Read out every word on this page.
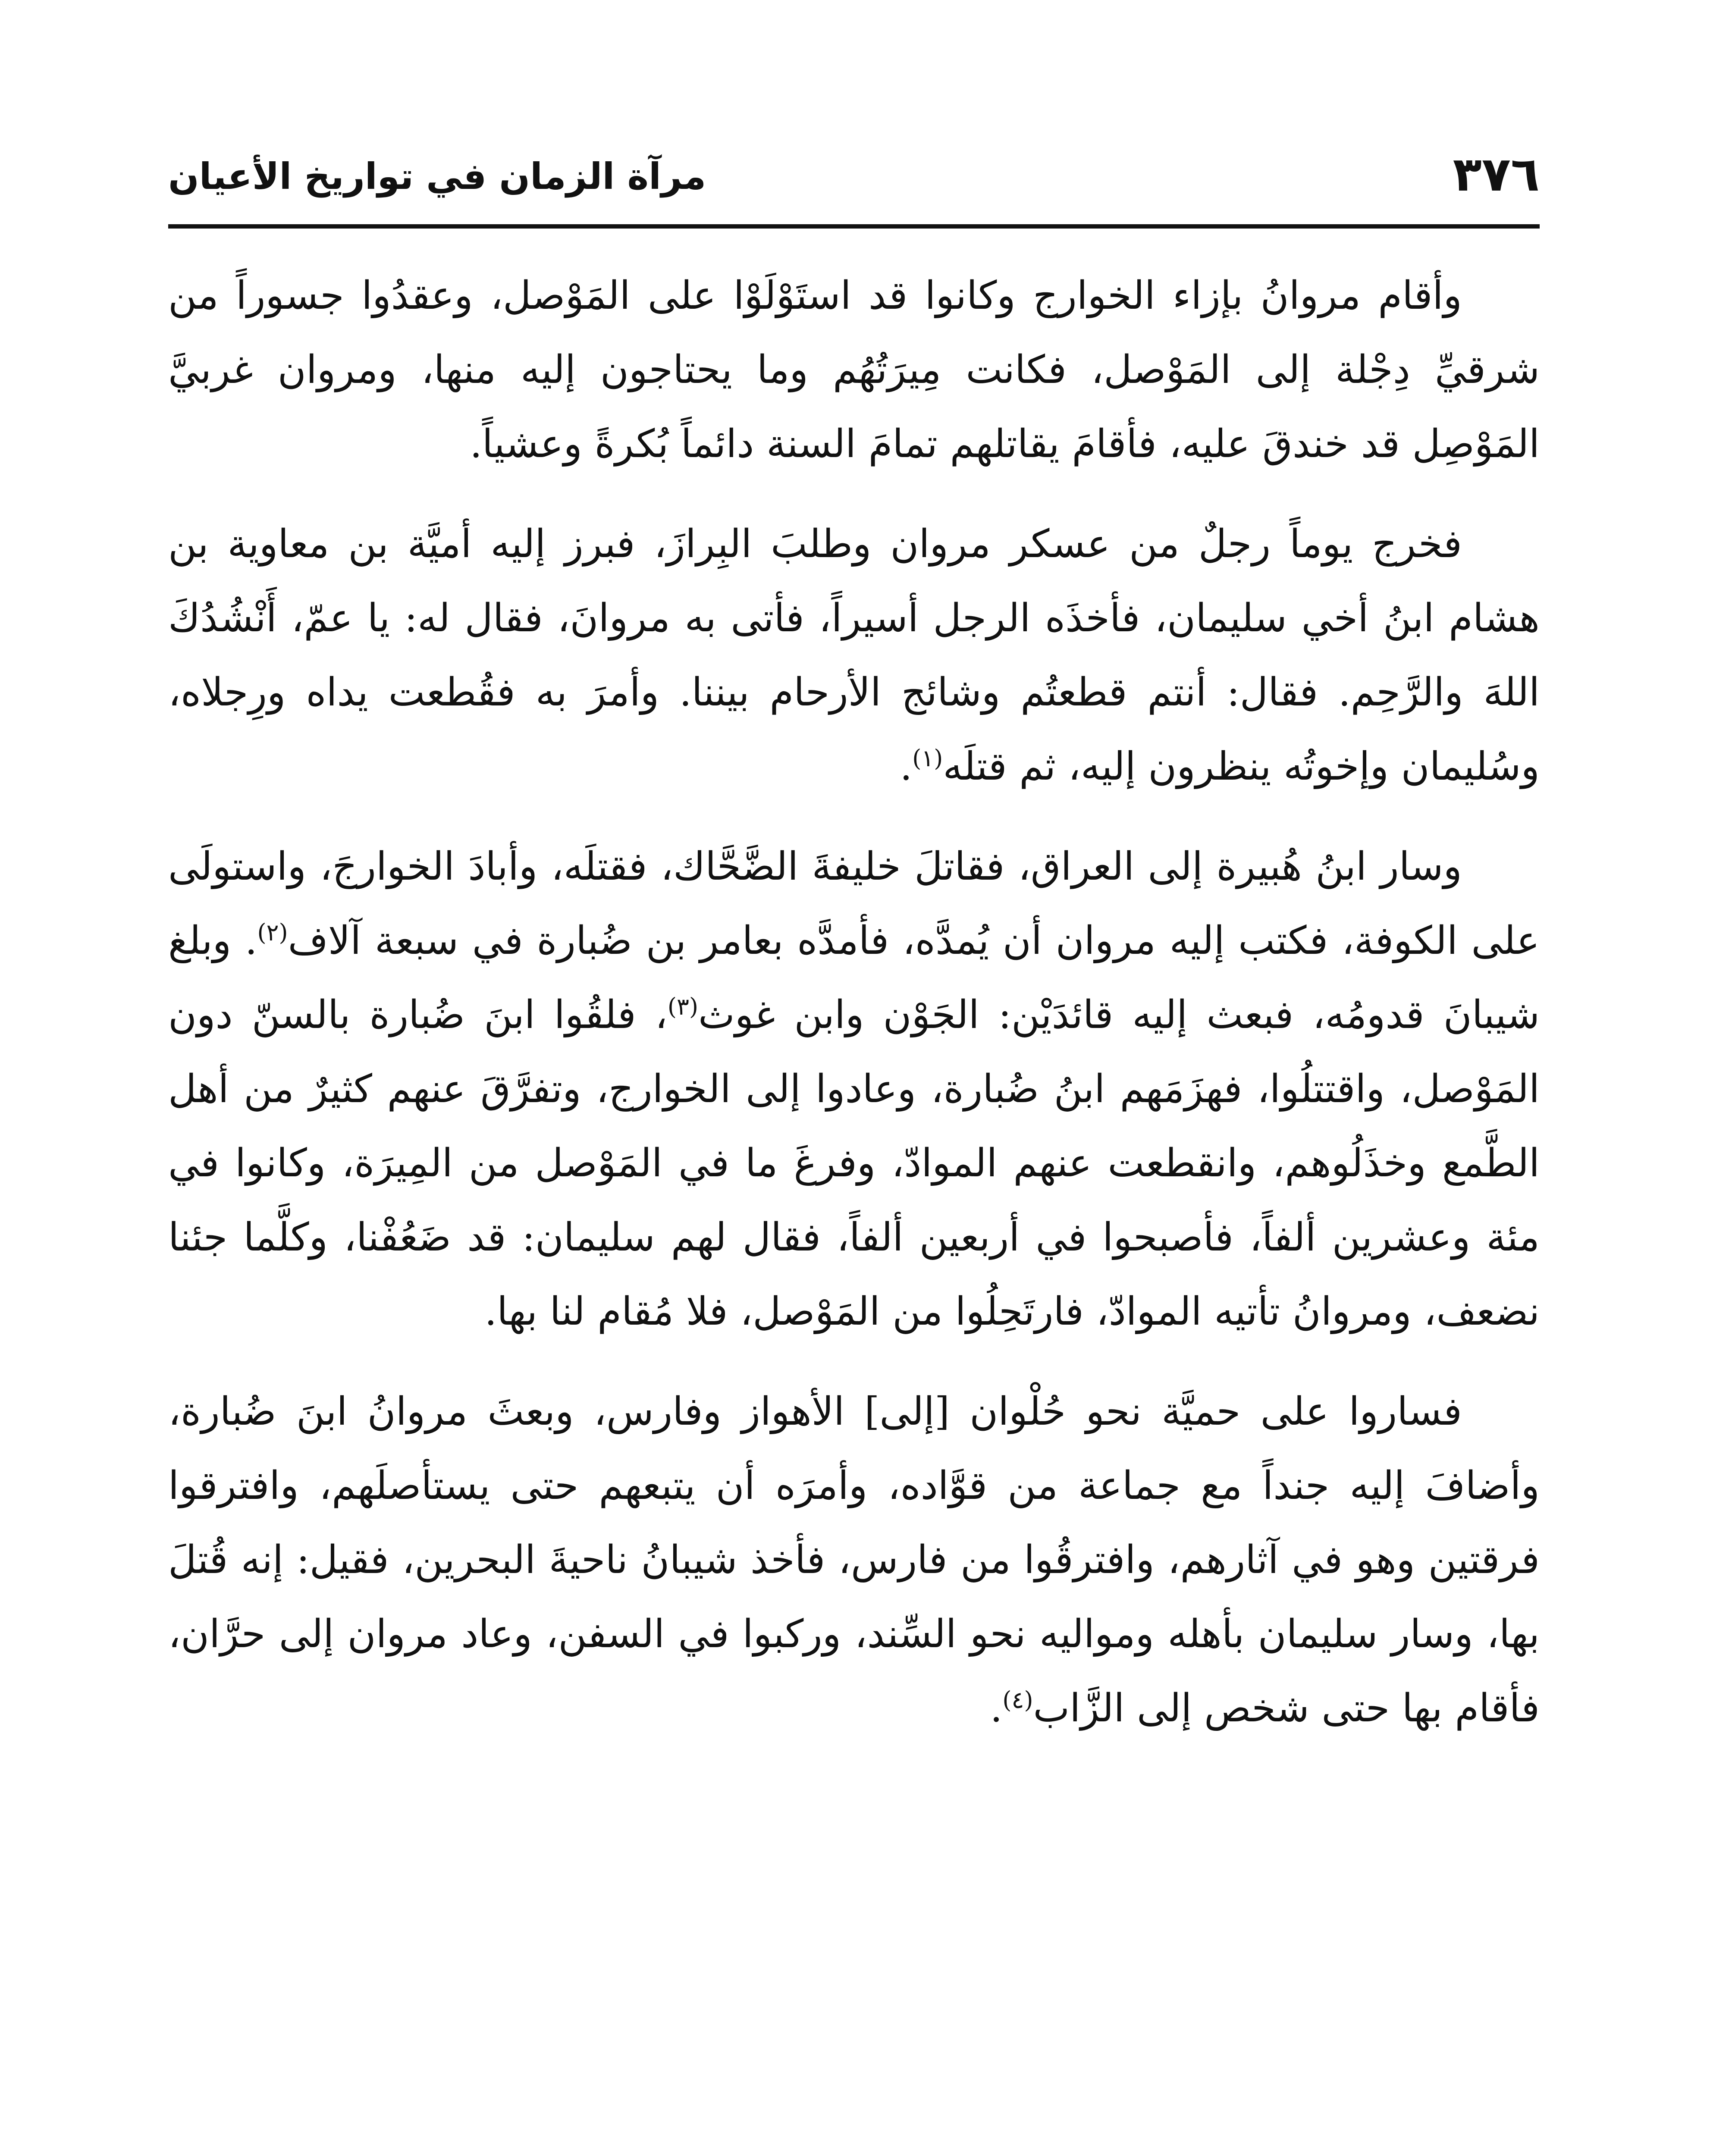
٣٧٦
مرآة الزمان في تواريخ الأعيان

وأقام مروانُ بإزاء الخوارج وكانوا قد استَوْلَوْا على المَوْصل، وعقدُوا جسوراً من شرقيِّ دِجْلة إلى المَوْصل، فكانت مِيرَتُهُم وما يحتاجون إليه منها، ومروان غربيَّ المَوْصِل قد خندقَ عليه، فأقامَ يقاتلهم تمامَ السنة دائماً بُكرةً وعشياً.

فخرج يوماً رجلٌ من عسكر مروان وطلبَ البِرازَ، فبرز إليه أميَّة بن معاوية بن هشام ابنُ أخي سليمان، فأخذَه الرجل أسيراً، فأتى به مروانَ، فقال له: يا عمّ، أَنْشُدُكَ اللهَ والرَّحِم. فقال: أنتم قطعتُم وشائج الأرحام بيننا. وأمرَ به فقُطعت يداه ورِجلاه، وسُليمان وإخوتُه ينظرون إليه، ثم قتلَه$^{(١)}$.

وسار ابنُ هُبيرة إلى العراق، فقاتلَ خليفةَ الضَّحَّاك، فقتلَه، وأبادَ الخوارجَ، واستولَى على الكوفة، فكتب إليه مروان أن يُمدَّه، فأمدَّه بعامر بن ضُبارة في سبعة آلاف$^{(٢)}$. وبلغ شيبانَ قدومُه، فبعث إليه قائدَيْن: الجَوْن وابن غوث$^{(٣)}$، فلقُوا ابنَ ضُبارة بالسنّ دون المَوْصل، واقتتلُوا، فهزَمَهم ابنُ ضُبارة، وعادوا إلى الخوارج، وتفرَّقَ عنهم كثيرٌ من أهل الطَّمع وخذَلُوهم، وانقطعت عنهم الموادّ، وفرغَ ما في المَوْصل من المِيرَة، وكانوا في مئة وعشرين ألفاً، فأصبحوا في أربعين ألفاً، فقال لهم سليمان: قد ضَعُفْنا، وكلَّما جئنا نضعف، ومروانُ تأتيه الموادّ، فارتَحِلُوا من المَوْصل، فلا مُقام لنا بها.

فساروا على حميَّة نحو حُلْوان [إلى] الأهواز وفارس، وبعثَ مروانُ ابنَ ضُبارة، وأضافَ إليه جنداً مع جماعة من قوَّاده، وأمرَه أن يتبعهم حتى يستأصلَهم، وافترقوا فرقتين وهو في آثارهم، وافترقُوا من فارس، فأخذ شيبانُ ناحيةَ البحرين، فقيل: إنه قُتلَ بها، وسار سليمان بأهله ومواليه نحو السِّند، وركبوا في السفن، وعاد مروان إلى حرَّان، فأقام بها حتى شخص إلى الزَّاب$^{(٤)}$.
